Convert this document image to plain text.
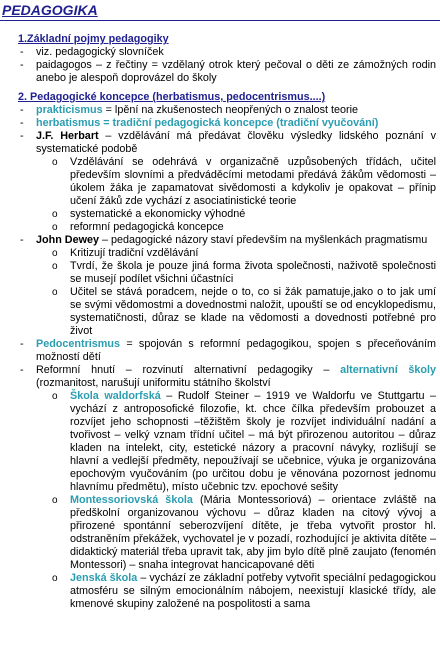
PEDAGOGIKA
1.Základní pojmy pedagogiky
- viz. pedagogický slovníček
- paidagogos – z řečtiny = vzdělaný otrok který pečoval o děti ze zámožných rodin anebo je alespoň doprovázel do školy
2. Pedagogické koncepce (herbatismus, pedocentrismus....)
- prakticismus = lpění na zkušenostech neopřených o znalost teorie
- herbatismus = tradiční pedagogická koncepce (tradiční vyučování)
- J.F. Herbart – vzdělávání má předávat člověku výsledky lidského poznání v systematické podobě
o Vzdělávání se odehrává v organizačně uzpůsobených třídách, učitel především slovními a předváděcími metodami předává žákům vědomosti – úkolem žáka je zapamatovat sivědomosti a kdykoliv je opakovat – přínip učení žáků zde vychází z asociatinistické teorie
o systematické a ekonomicky výhodné
o reformní pedagogická koncepce
- John Dewey – pedagogické názory staví především na myšlenkách pragmatismu
o Kritizují tradiční vzdělávání
o Tvrdí, že škola je pouze jiná forma života společnosti, naživotě společnosti se musejí podílet všichni účastníci
o Učitel se stává poradcem, nejde o to, co si žák pamatuje,jako o to jak umí se svými vědomostmi a dovednostmi naložit, upouští se od encyklopedismu, systematičnosti, důraz se klade na vědomosti a dovednosti potřebné pro život
- Pedocentrismus = spojován s reformní pedagogikou, spojen s přeceňováním možností dětí
- Reformní hnutí – rozvinutí alternativní pedagogiky – alternativní školy (rozmanitost, narušují uniformitu státního školství
o Škola waldorfská – Rudolf Steiner – 1919 ve Waldorfu ve Stuttgartu – vychází z antroposofické filozofie, kt. chce čílka především probouzet a rozvíjet jeho schopnosti –těžištěm školy je rozvíjet individuální nadání a tvořivost – velký vznam třídní učitel – má být přirozenou autoritou – důraz kladen na intelekt, city, estetické názory a pracovní návyky, rozlišují se hlavní a vedlejší předměty, nepoužívají se učebnice, výuka je organizována epochovým vyučováním (po určitou dobu je věnována pozornost jednomu hlavnímu předmětu), místo učebnic tzv. epochové sešity
o Montessoriovská škola (Mária Montessoriová) – orientace zvláště na předškolní organizovanou výchovu – důraz kladen na citový vývoj a přirozené spontánní seberozvíjení dítěte, je třeba vytvořit prostor hl. odstraněním překážek, vychovatel je v pozadí, rozhodující je aktivita dítěte – didaktický materiál třeba upravit tak, aby jim bylo dítě plně zaujato (fenomén Montessori) – snaha integrovat hancicapované děti
o Jenská škola – vychází ze základní potřeby vytvořit speciální pedagogickou atmosféru se silným emocionálním nábojem, neexistují klasické třídy, ale kmenové skupiny založené na pospolitosti a sama
